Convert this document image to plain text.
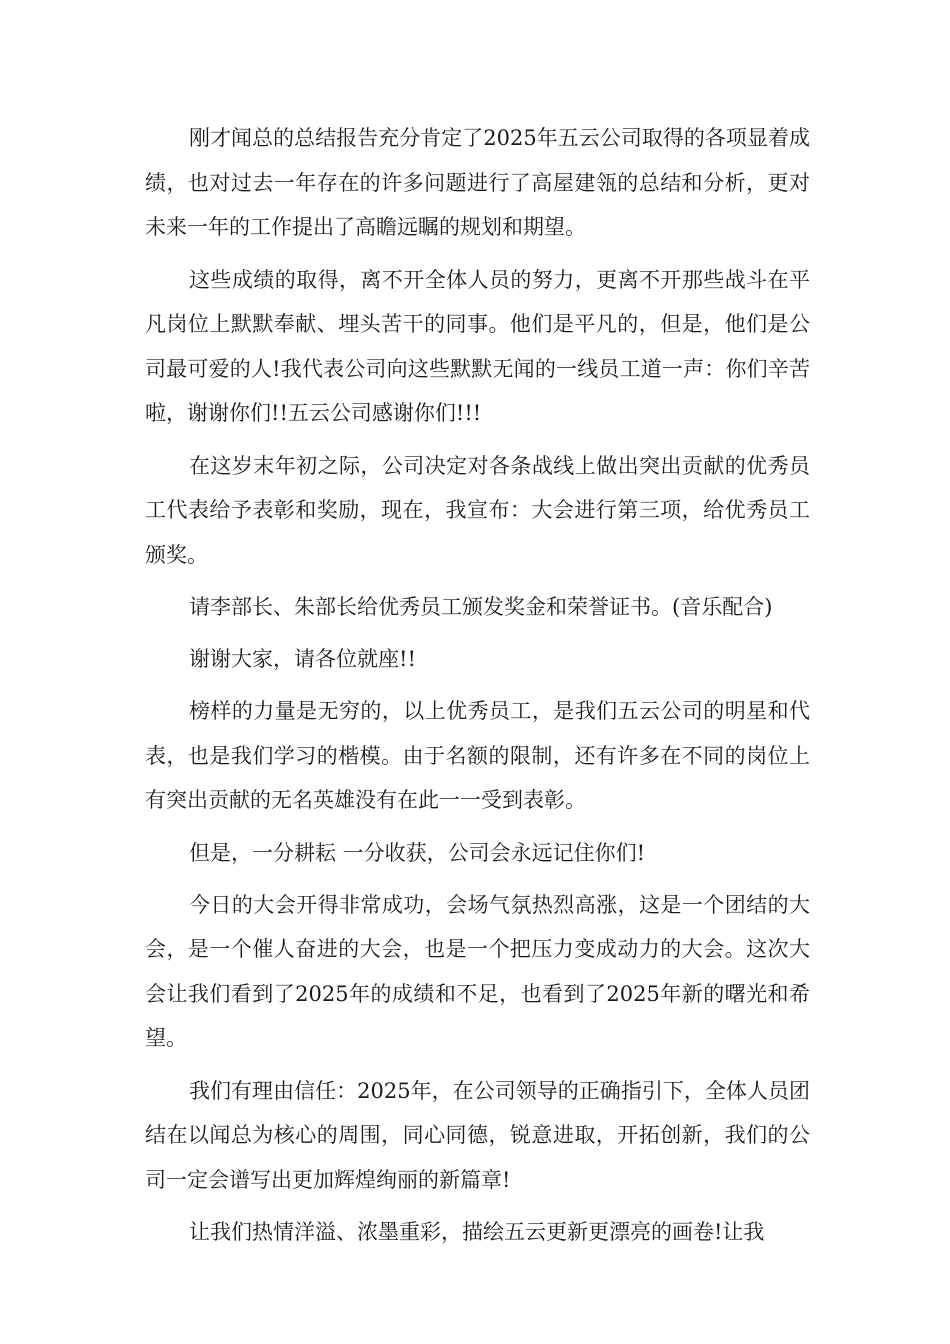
刚才闻总的总结报告充分肯定了2025年五云公司取得的各项显着成绩，也对过去一年存在的许多问题进行了高屋建瓴的总结和分析，更对未来一年的工作提出了高瞻远瞩的规划和期望。

这些成绩的取得，离不开全体人员的努力，更离不开那些战斗在平凡岗位上默默奉献、埋头苦干的同事。他们是平凡的，但是，他们是公司最可爱的人!我代表公司向这些默默无闻的一线员工道一声：你们辛苦啦，谢谢你们!!五云公司感谢你们!!!

在这岁末年初之际，公司决定对各条战线上做出突出贡献的优秀员工代表给予表彰和奖励，现在，我宣布：大会进行第三项，给优秀员工颁奖。

请李部长、朱部长给优秀员工颁发奖金和荣誉证书。(音乐配合)

谢谢大家，请各位就座!!

榜样的力量是无穷的，以上优秀员工，是我们五云公司的明星和代表，也是我们学习的楷模。由于名额的限制，还有许多在不同的岗位上有突出贡献的无名英雄没有在此一一受到表彰。

但是，一分耕耘 一分收获，公司会永远记住你们!

今日的大会开得非常成功，会场气氛热烈高涨，这是一个团结的大会，是一个催人奋进的大会，也是一个把压力变成动力的大会。这次大会让我们看到了2025年的成绩和不足，也看到了2025年新的曙光和希望。

我们有理由信任：2025年，在公司领导的正确指引下，全体人员团结在以闻总为核心的周围，同心同德，锐意进取，开拓创新，我们的公司一定会谱写出更加辉煌绚丽的新篇章!

让我们热情洋溢、浓墨重彩，描绘五云更新更漂亮的画卷!让我
